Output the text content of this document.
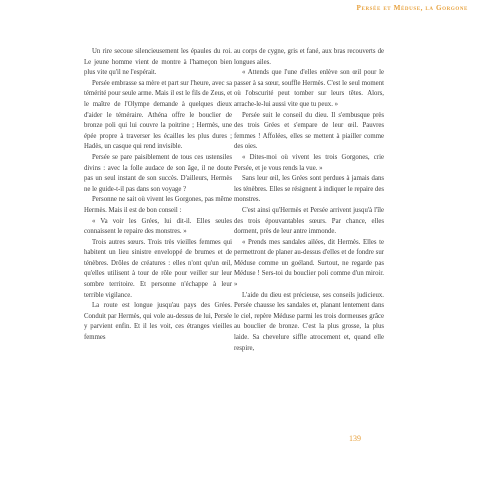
Persée et Méduse, la Gorgone

Un rire secoue silencieusement les épaules du roi. Le jeune homme vient de montre à l'hameçon bien plus vite qu'il ne l'espérait.

Persée embrasse sa mère et part sur l'heure, avec sa témérité pour seule arme. Mais il est le fils de Zeus, et le maître de l'Olympe demande à quelques dieux d'aider le téméraire. Athéna offre le bouclier de bronze poli qui lui couvre la poitrine ; Hermès, une épée propre à traverser les écailles les plus dures ; Hadès, un casque qui rend invisible.

Persée se pare paisiblement de tous ces ustensiles divins : avec la folle audace de son âge, il ne doute pas un seul instant de son succès. D'ailleurs, Hermès ne le guide-t-il pas dans son voyage ?

Personne ne sait où vivent les Gorgones, pas même Hermès. Mais il est de bon conseil :

« Va voir les Grées, lui dit-il. Elles seules connaissent le repaire des monstres. »

Trois autres sœurs. Trois très vieilles femmes qui habitent un lieu sinistre enveloppé de brumes et de ténèbres. Drôles de créatures : elles n'ont qu'un œil, qu'elles utilisent à tour de rôle pour veiller sur leur sombre territoire. Et personne n'échappe à leur terrible vigilance.

La route est longue jusqu'au pays des Grées. Conduit par Hermès, qui vole au-dessus de lui, Persée y parvient enfin. Et il les voit, ces étranges vieilles femmes

au corps de cygne, gris et fané, aux bras recouverts de longues ailes.

« Attends que l'une d'elles enlève son œil pour le passer à sa sœur, souffle Hermès. C'est le seul moment où l'obscurité peut tomber sur leurs têtes. Alors, arrache-le-lui aussi vite que tu peux. »

Persée suit le conseil du dieu. Il s'embusque près des trois Grées et s'empare de leur œil. Pauvres femmes ! Affolées, elles se mettent à piailler comme des oies.

« Dites-moi où vivent les trois Gorgones, crie Persée, et je vous rends la vue. »

Sans leur œil, les Grées sont perdues à jamais dans les ténèbres. Elles se résignent à indiquer le repaire des monstres.

C'est ainsi qu'Hermès et Persée arrivent jusqu'à l'île des trois épouvantables sœurs. Par chance, elles dorment, près de leur antre immonde.

« Prends mes sandales ailées, dit Hermès. Elles te permettront de planer au-dessus d'elles et de fondre sur Méduse comme un goéland. Surtout, ne regarde pas Méduse ! Sers-toi du bouclier poli comme d'un miroir. »

L'aide du dieu est précieuse, ses conseils judicieux. Persée chausse les sandales et, planant lentement dans le ciel, repère Méduse parmi les trois dormeuses grâce au bouclier de bronze. C'est la plus grosse, la plus laide. Sa chevelure siffle atrocement et, quand elle respire,

139
